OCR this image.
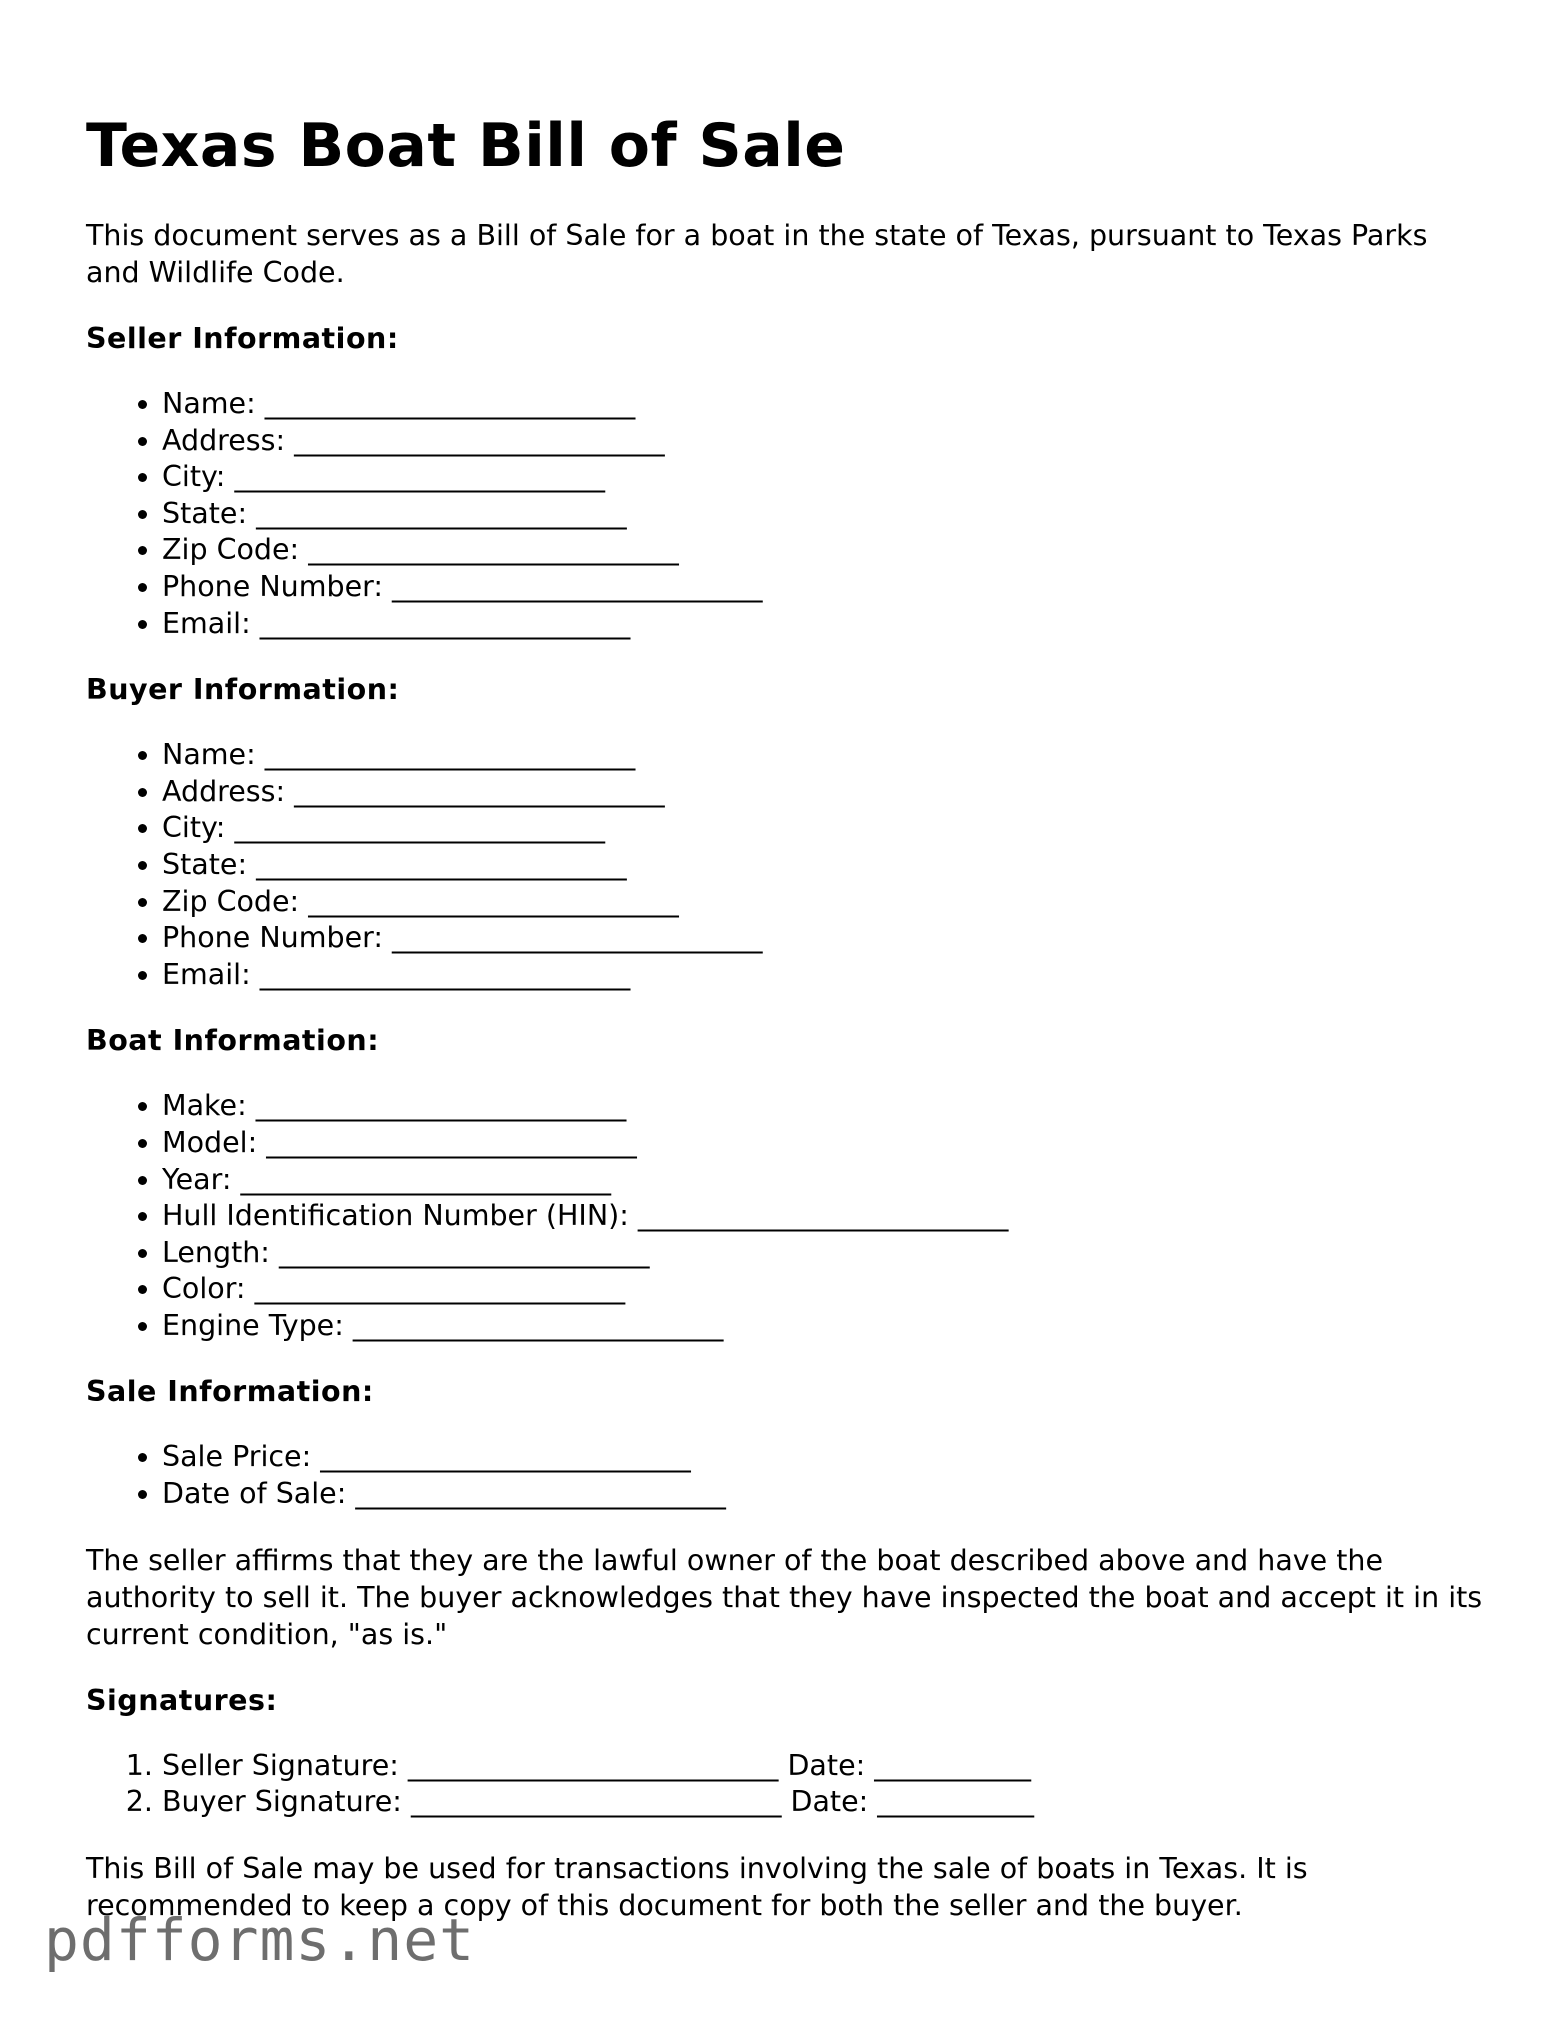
Texas Boat Bill of Sale

This document serves as a Bill of Sale for a boat in the state of Texas, pursuant to Texas Parks and Wildlife Code.

Seller Information:
• Name: __________________________
• Address: __________________________
• City: __________________________
• State: __________________________
• Zip Code: __________________________
• Phone Number: __________________________
• Email: __________________________
Buyer Information:
• Name: __________________________
• Address: __________________________
• City: __________________________
• State: __________________________
• Zip Code: __________________________
• Phone Number: __________________________
• Email: __________________________
Boat Information:
• Make: __________________________
• Model: __________________________
• Year: __________________________
• Hull Identification Number (HIN): __________________________
• Length: __________________________
• Color: __________________________
• Engine Type: __________________________
Sale Information:
• Sale Price: __________________________
• Date of Sale: __________________________

The seller affirms that they are the lawful owner of the boat described above and have the authority to sell it. The buyer acknowledges that they have inspected the boat and accept it in its current condition, "as is."

Signatures:
1. Seller Signature: __________________________ Date: ___________
2. Buyer Signature: __________________________ Date: ___________

This Bill of Sale may be used for transactions involving the sale of boats in Texas. It is recommended to keep a copy of this document for both the seller and the buyer.

pdfforms.net
